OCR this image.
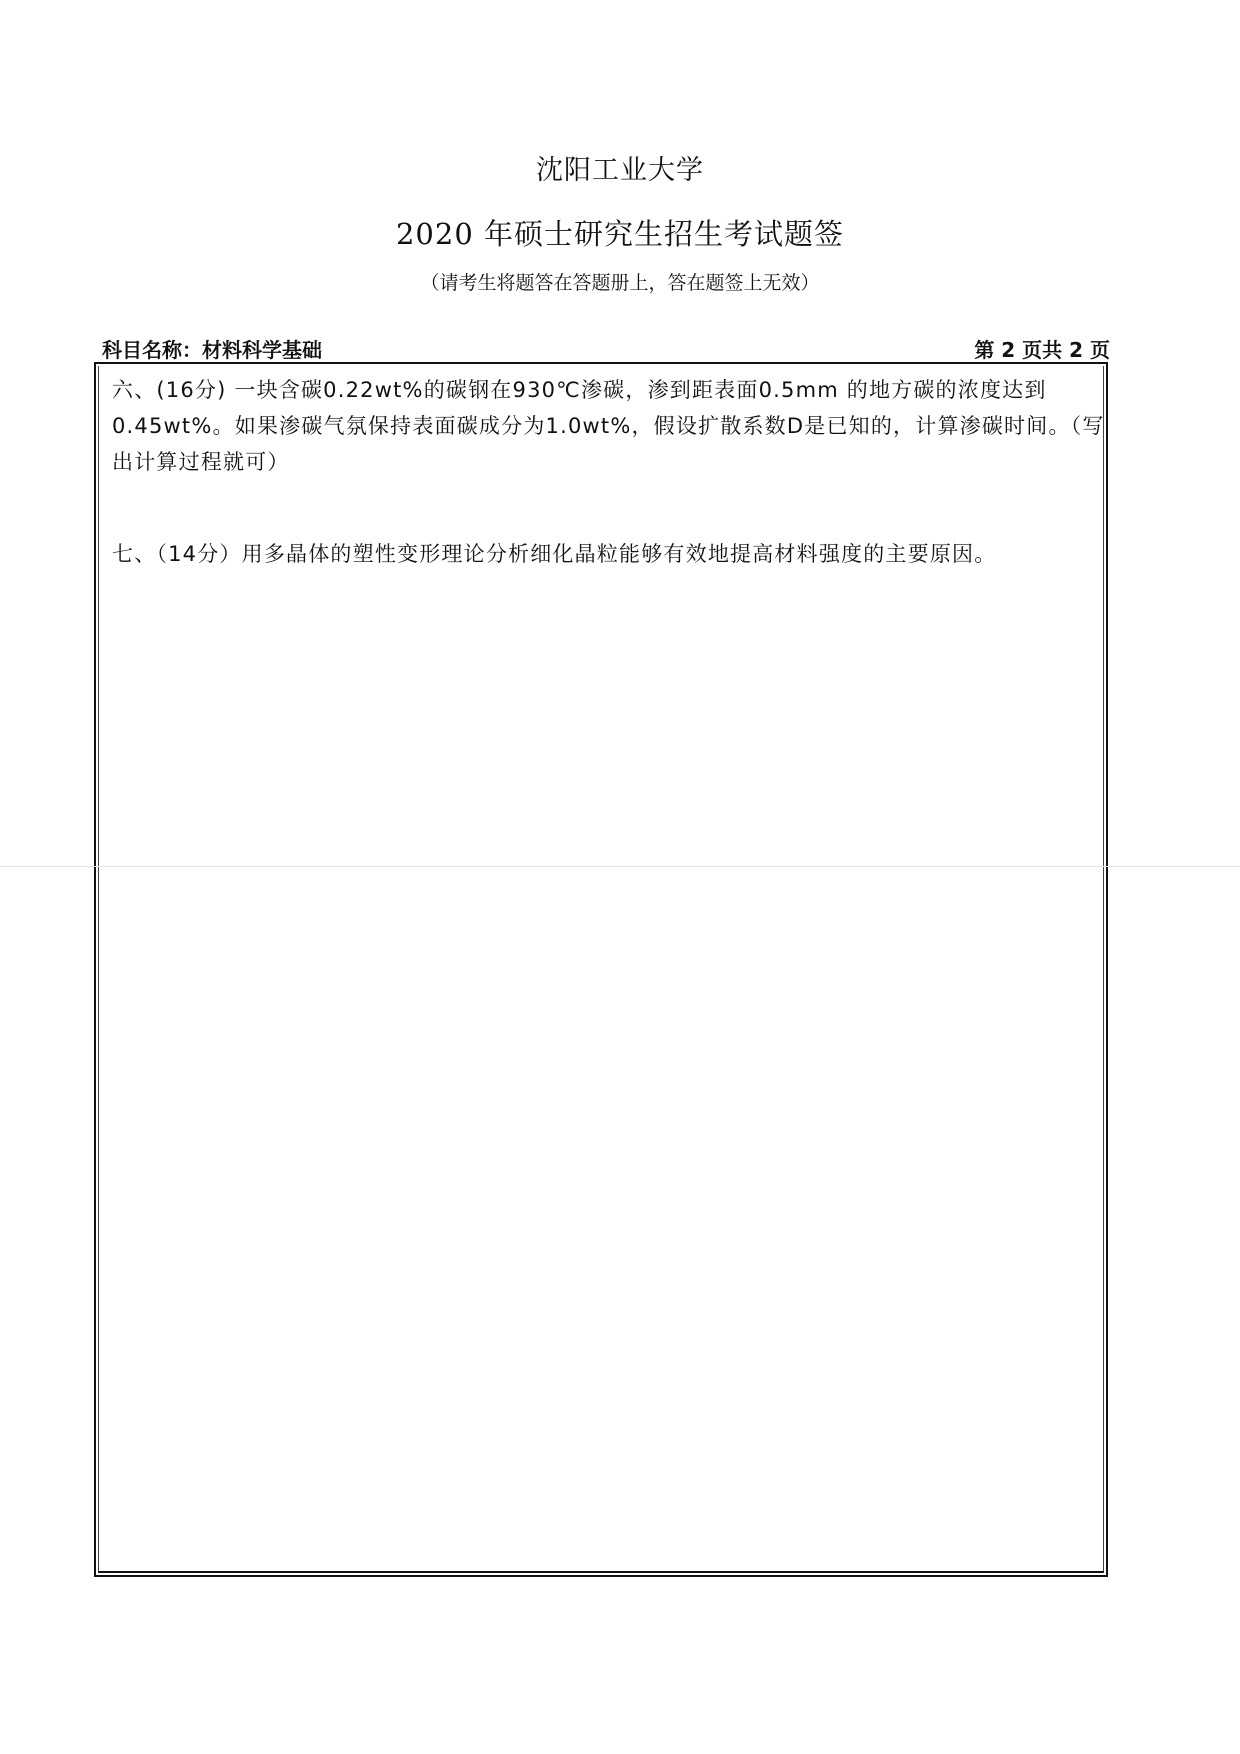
沈阳工业大学
2020 年硕士研究生招生考试题签
（请考生将题答在答题册上，答在题签上无效）
科目名称：材料科学基础	第 2 页共 2 页
六、(16分) 一块含碳0.22wt%的碳钢在930℃渗碳，渗到距表面0.5mm 的地方碳的浓度达到0.45wt%。如果渗碳气氛保持表面碳成分为1.0wt%，假设扩散系数D是已知的，计算渗碳时间。（写出计算过程就可）
七、（14分）用多晶体的塑性变形理论分析细化晶粒能够有效地提高材料强度的主要原因。
